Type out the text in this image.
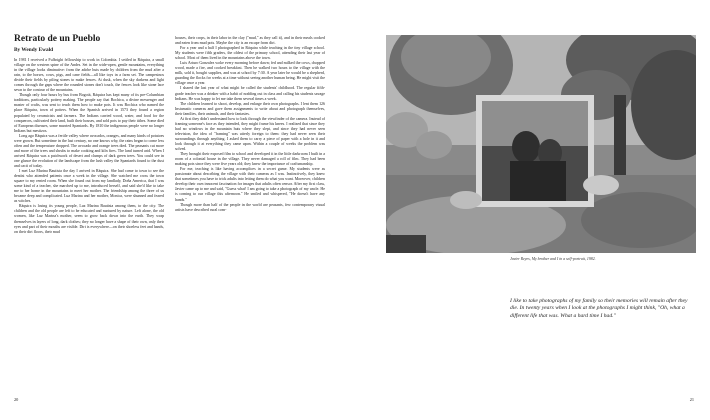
Retrato de un Pueblo
By Wendy Ewald

In 1981 I received a Fulbright fellowship to work in Colombia. I settled in Ráquira, a small village on the western spine of the Andes. Set in the wide-open, gentle mountains, everything in the village looks diminutive: from the adobe huts made by children from the mud after a rain, to the horses, cows, pigs, and cane fields—all like toys in a farm set. The campesinos divide their fields by piling stones to make fences. At dusk, when the sky darkens and light comes through the gaps where the rounded stones don't touch, the fences look like stone lace sewn to the contour of the mountains.

Though only four hours by bus from Bogotá, Ráquira has kept many of its pre-Columbian traditions, particularly pottery making. The people say that Bochica, a divine messenger and master of crafts, was sent to teach them how to make pots. It was Bochica who named the place Ráquira, town of potters. When the Spanish arrived in 1573 they found a region populated by ceramicists and farmers. The Indians carried wood, water, and food for the conquerors, cultivated their land, built their houses, and sold pots to pay their tithes. Some died of European diseases, some married Spaniards. By 1810 the indigenous people were no longer Indians but mestizos.

Long ago Ráquira was a fertile valley where avocados, oranges, and many kinds of potatoes were grown. But sometime in the last century, no one knows why, the rains began to come less often and the temperature dropped. The avocado and orange trees died. The peasants cut more and more of the trees and shrubs to make cooking and kiln fires. The land turned arid. When I arrived Ráquira was a patchwork of desert and clumps of dark green trees. You could see in one glance the evolution of the landscape from the lush valley the Spaniards found to the dust and cacti of today.

I met Luz Marina Bautista the day I arrived in Ráquira. She had come to town to see the dentist who attended patients once a week in the village. She watched me cross the town square to my rented room. When she found out from my landlady, Doña America, that I was some kind of a teacher, she marched up to me, introduced herself, and said she'd like to take me to her home in the mountains to meet her mother. The friendship among the three of us became deep and complicated. Luz Marina and her mother, Monica, were shunned and feared as witches.

Ráquira is losing its young people, Luz Marina Bautista among them, to the city. The children and the old people are left to be educated and nurtured by nature. Left alone, the old women, like Luz Marina's mother, seem to grow back down into the earth. They wrap themselves in layers of long, dark clothes; they no longer have a shape of their own, only their eyes and part of their mouths are visible. Dirt is everywhere—on their shoeless feet and hands, on their dirt floors, their mud

houses, their crops, in their labor in the clay ("mud," as they call it), and in their meals cooked and eaten from mud pots. Maybe the city is an escape from dirt.

For a year and a half I photographed in Ráquira while teaching in the tiny village school. My students were fifth graders, the oldest of the primary school, attending their last year of school. Most of them lived in the mountains above the town.

Luis Arturo Gonzalez woke every morning before dawn; fed and milked the cows, chopped wood, made a fire, and cooked breakfast. Then he walked two hours to the village with the milk, sold it, bought supplies, and was at school by 7:30. A year later he would be a shepherd, guarding the flocks for weeks at a time without seeing another human being. He might visit the village once a year.

I shared the last year of what might be called the students' childhood. The regular fifth-grade teacher was a drinker with a habit of nodding out in class and calling his students savage Indians. He was happy to let me take them several times a week.

The children learned to shoot, develop, and enlarge their own photographs. I lent them 126 Instamatic cameras and gave them assignments to write about and photograph themselves, their families, their animals, and their fantasies.

At first they didn't understand how to look through the viewfinder of the camera. Instead of framing someone's face as they intended, they might frame his knees. I realized that since they had no windows in the mountain huts where they slept, and since they had never seen television, the idea of "framing" was utterly foreign to them: they had never seen their surroundings through anything. I asked them to carry a piece of paper with a hole in it and look through it at everything they came upon. Within a couple of weeks the problem was solved.

They brought their exposed film to school and developed it in the little darkroom I built in a room of a colonial house in the village. They never damaged a roll of film. They had been making pots since they were five years old; they knew the importance of craftsmanship.

For me, teaching is like having accomplices in a secret game. My students were as passionate about describing the village with their cameras as I was. Instinctively, they knew that sometimes you have to trick adults into letting them do what you want. Moreover, children develop their own innocent fascination for images that adults often censor. After my first class, Javier came up to me and said, "Guess what! I am going to take a photograph of my uncle. He is coming to our village this afternoon." He smiled and whispered, "He doesn't have any hands."

Though more than half of the people in the world are peasants, few contemporary visual artists have described rural com-

20
Javier Reyes, My brother and I in a self-portrait, 1982.
I like to take photographs of my family so their memories will remain after they die. In twenty years when I look at the photographs I might think, "Oh, what a different life that was. What a hard time I had."
21
